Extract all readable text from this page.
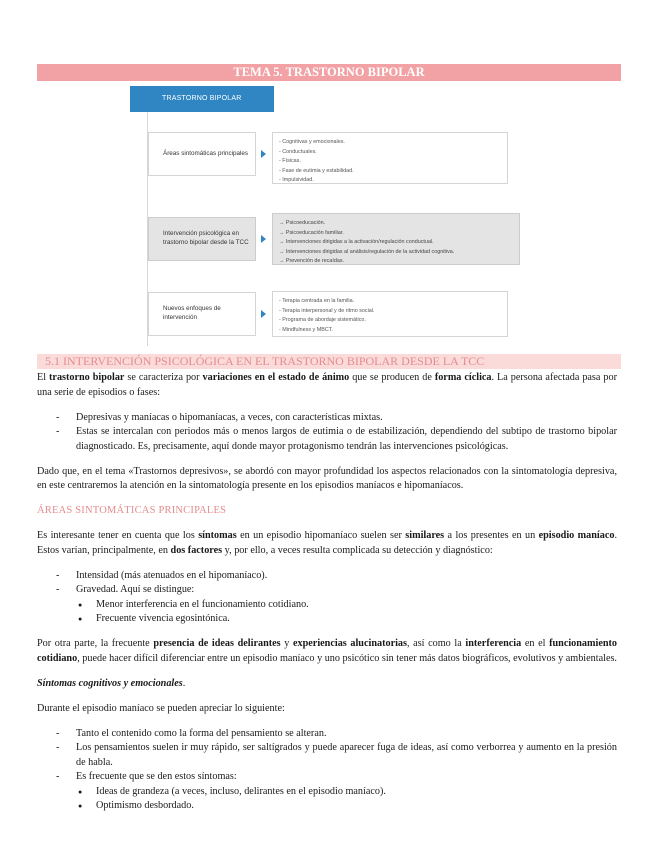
TEMA 5. TRASTORNO BIPOLAR
TRASTORNO BIPOLAR
Áreas sintomáticas principales
- Cognitivas y emocionales.
- Conductuales.
- Físicas.
- Fase de eutimia y estabilidad.
- Impulsividad.
Intervención psicológica en trastorno bipolar desde la TCC
→ Psicoeducación.
→ Psicoeducación familiar.
→ Intervenciones dirigidas a la activación/regulación conductual.
→ Intervenciones dirigidas al análisis/regulación de la actividad cognitiva.
→ Prevención de recaídas.
Nuevos enfoques de intervención
- Terapia centrada en la familia.
- Terapia interpersonal y de ritmo social.
- Programa de abordaje sistemático.
- Mindfulness y MBCT.
5.1 INTERVENCIÓN PSICOLÓGICA EN EL TRASTORNO BIPOLAR DESDE LA TCC

El trastorno bipolar se caracteriza por variaciones en el estado de ánimo que se producen de forma cíclica. La persona afectada pasa por una serie de episodios o fases:

- Depresivas y maníacas o hipomaníacas, a veces, con características mixtas.
- Estas se intercalan con periodos más o menos largos de eutimia o de estabilización, dependiendo del subtipo de trastorno bipolar diagnosticado. Es, precisamente, aquí donde mayor protagonismo tendrán las intervenciones psicológicas.

Dado que, en el tema «Trastornos depresivos», se abordó con mayor profundidad los aspectos relacionados con la sintomatología depresiva, en este centraremos la atención en la sintomatología presente en los episodios maníacos e hipomaníacos.

ÁREAS SINTOMÁTICAS PRINCIPALES

Es interesante tener en cuenta que los síntomas en un episodio hipomaníaco suelen ser similares a los presentes en un episodio maníaco. Estos varían, principalmente, en dos factores y, por ello, a veces resulta complicada su detección y diagnóstico:

- Intensidad (más atenuados en el hipomaníaco).
- Gravedad. Aquí se distingue:
● Menor interferencia en el funcionamiento cotidiano.
● Frecuente vivencia egosintónica.

Por otra parte, la frecuente presencia de ideas delirantes y experiencias alucinatorias, así como la interferencia en el funcionamiento cotidiano, puede hacer difícil diferenciar entre un episodio maníaco y uno psicótico sin tener más datos biográficos, evolutivos y ambientales.

Síntomas cognitivos y emocionales.

Durante el episodio maníaco se pueden apreciar lo siguiente:

- Tanto el contenido como la forma del pensamiento se alteran.
- Los pensamientos suelen ir muy rápido, ser saltígrados y puede aparecer fuga de ideas, así como verborrea y aumento en la presión de habla.
- Es frecuente que se den estos síntomas:
● Ideas de grandeza (a veces, incluso, delirantes en el episodio maníaco).
● Optimismo desbordado.
